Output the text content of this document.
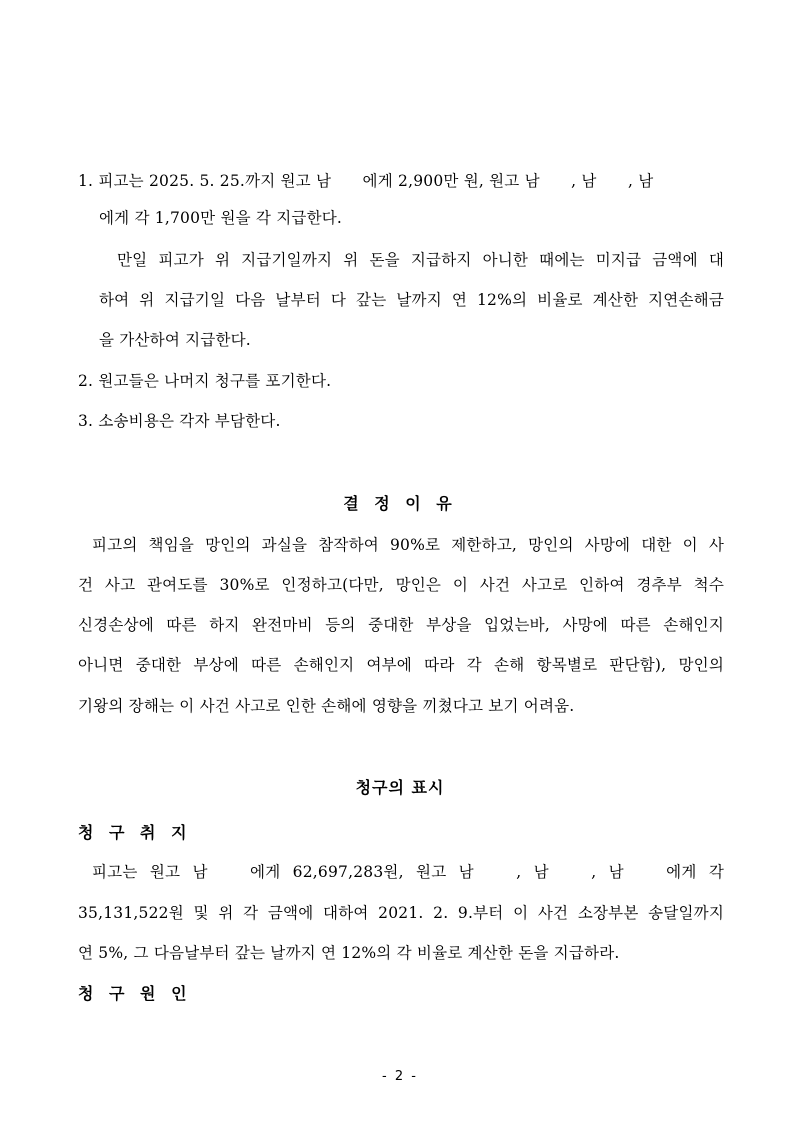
1. 피고는 2025. 5. 25.까지 원고 남　　에게 2,900만 원, 원고 남　　, 남　　, 남
에게 각 1,700만 원을 각 지급한다.
만일 피고가 위 지급기일까지 위 돈을 지급하지 아니한 때에는 미지급 금액에 대
하여 위 지급기일 다음 날부터 다 갚는 날까지 연 12%의 비율로 계산한 지연손해금
을 가산하여 지급한다.
2. 원고들은 나머지 청구를 포기한다.
3. 소송비용은 각자 부담한다.
결 정 이 유
피고의 책임을 망인의 과실을 참작하여 90%로 제한하고, 망인의 사망에 대한 이 사
건 사고 관여도를 30%로 인정하고(다만, 망인은 이 사건 사고로 인하여 경추부 척수
신경손상에 따른 하지 완전마비 등의 중대한 부상을 입었는바, 사망에 따른 손해인지
아니면 중대한 부상에 따른 손해인지 여부에 따라 각 손해 항목별로 판단함), 망인의
기왕의 장해는 이 사건 사고로 인한 손해에 영향을 끼쳤다고 보기 어려움.
청구의 표시
청 구 취 지
피고는 원고 남　 에게 62,697,283원, 원고 남　 , 남　 , 남　 에게 각
35,131,522원 및 위 각 금액에 대하여 2021. 2. 9.부터 이 사건 소장부본 송달일까지
연 5%, 그 다음날부터 갚는 날까지 연 12%의 각 비율로 계산한 돈을 지급하라.
청 구 원 인
- 2 -
